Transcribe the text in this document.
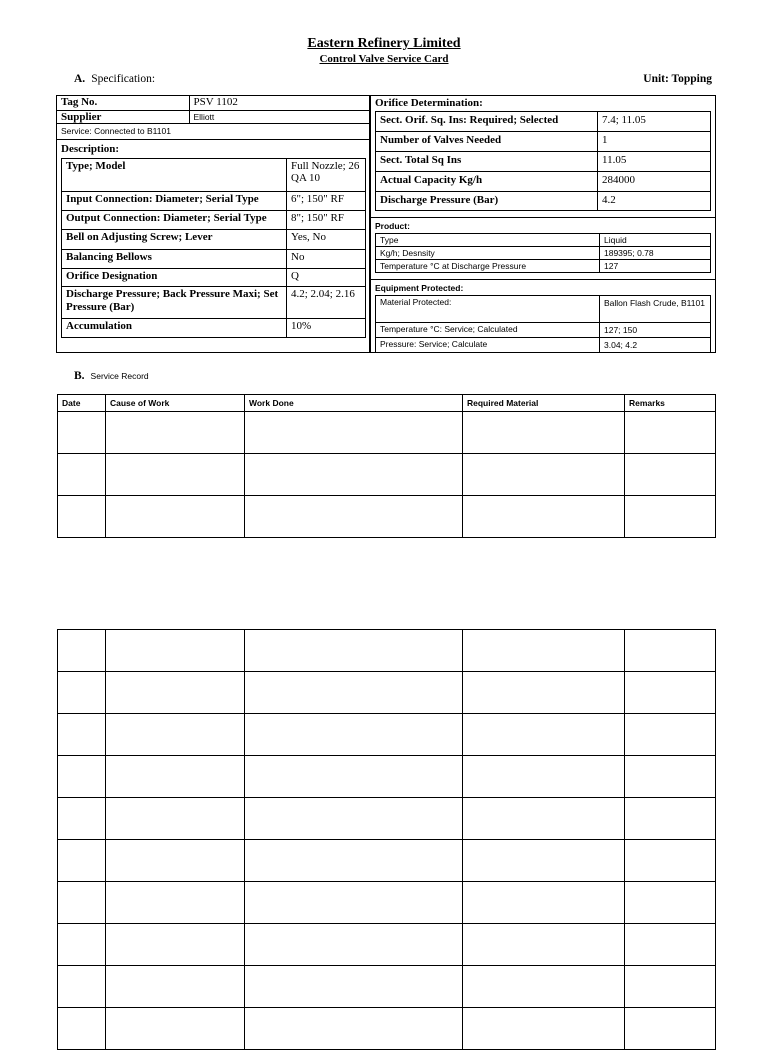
Eastern Refinery Limited
Control Valve Service Card
A. Specification:	Unit: Topping
Tag No.	PSV 1102
Supplier	Elliott
Service: Connected to B1101	
Description:
Type; Model	Full Nozzle; 26 QA 10
Input Connection: Diameter; Serial Type	6"; 150" RF
Output Connection: Diameter; Serial Type	8"; 150" RF
Bell on Adjusting Screw; Lever	Yes, No
Balancing Bellows	No
Orifice Designation	Q
Discharge Pressure; Back Pressure Maxi; Set Pressure (Bar)	4.2; 2.04; 2.16
Accumulation	10%
Orifice Determination:
Sect. Orif. Sq. Ins: Required; Selected	7.4; 11.05
Number of Valves Needed	1
Sect. Total Sq Ins	11.05
Actual Capacity Kg/h	284000
Discharge Pressure (Bar)	4.2
Product:
Type	Liquid
Kg/h; Desnsity	189395; 0.78
Temperature °C at Discharge Pressure	127
Equipment Protected:
Material Protected:	Ballon Flash Crude, B1101
Temperature °C: Service; Calculated	127; 150
Pressure: Service; Calculate	3.04; 4.2
B. Service Record
Date	Cause of Work	Work Done	Required Material	Remarks
